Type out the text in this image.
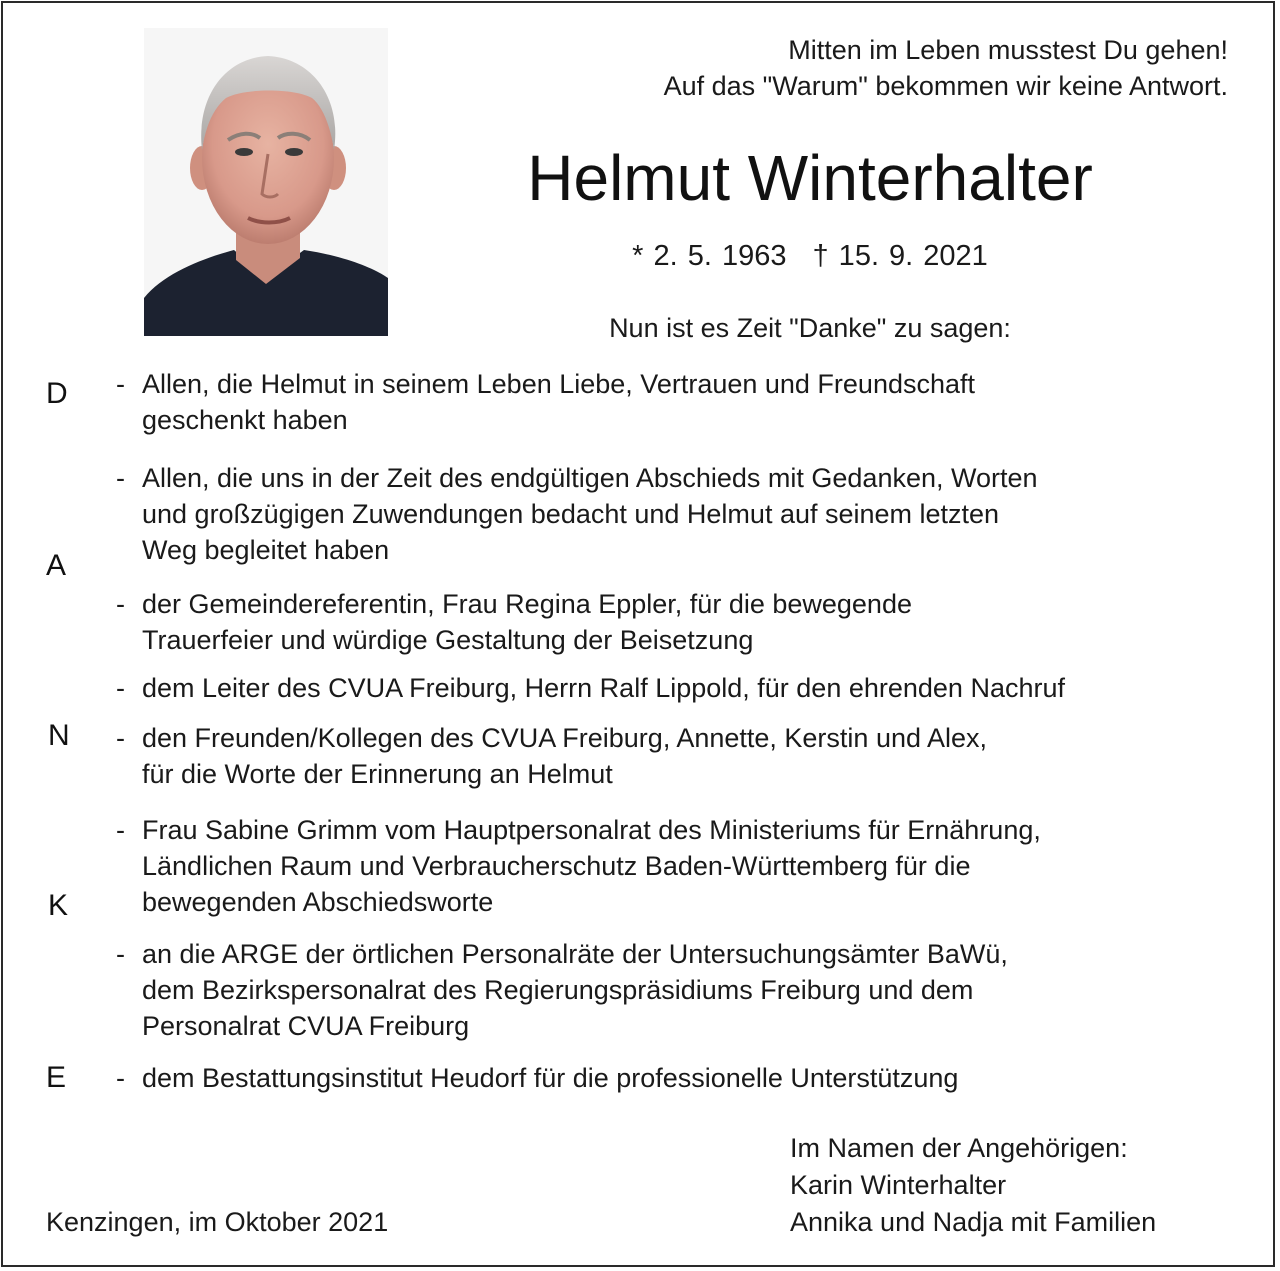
Mitten im Leben musstest Du gehen!
Auf das "Warum" bekommen wir keine Antwort.
Helmut Winterhalter
* 2. 5. 1963 † 15. 9. 2021
Nun ist es Zeit "Danke" zu sagen:
D
A
N
K
E
- Allen, die Helmut in seinem Leben Liebe, Vertrauen und Freundschaft
geschenkt haben
- Allen, die uns in der Zeit des endgültigen Abschieds mit Gedanken, Worten
und großzügigen Zuwendungen bedacht und Helmut auf seinem letzten
Weg begleitet haben
- der Gemeindereferentin, Frau Regina Eppler, für die bewegende
Trauerfeier und würdige Gestaltung der Beisetzung
- dem Leiter des CVUA Freiburg, Herrn Ralf Lippold, für den ehrenden Nachruf
- den Freunden/Kollegen des CVUA Freiburg, Annette, Kerstin und Alex,
für die Worte der Erinnerung an Helmut
- Frau Sabine Grimm vom Hauptpersonalrat des Ministeriums für Ernährung,
Ländlichen Raum und Verbraucherschutz Baden-Württemberg für die
bewegenden Abschiedsworte
- an die ARGE der örtlichen Personalräte der Untersuchungsämter BaWü,
dem Bezirkspersonalrat des Regierungspräsidiums Freiburg und dem
Personalrat CVUA Freiburg
- dem Bestattungsinstitut Heudorf für die professionelle Unterstützung
Kenzingen, im Oktober 2021
Im Namen der Angehörigen:
Karin Winterhalter
Annika und Nadja mit Familien
